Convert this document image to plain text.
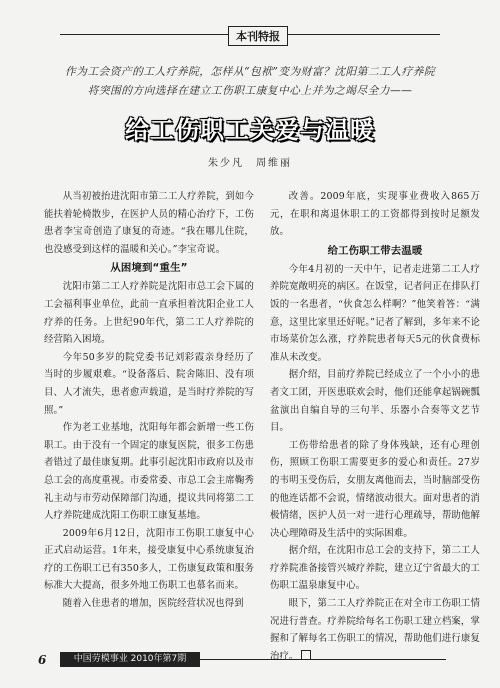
本刊特报
作为工会资产的工人疗养院，怎样从“包袱”变为财富？沈阳第二工人疗养院将突围的方向选择在建立工伤职工康复中心上并为之竭尽全力——
给工伤职工关爱与温暖
朱少凡　周维丽

从当初被抬进沈阳市第二工人疗养院，到如今能扶着轮椅散步，在医护人员的精心治疗下，工伤患者李宝奇创造了康复的奇迹。“我在哪儿住院，也没感受到这样的温暖和关心。”李宝奇说。

从困境到“重生”

沈阳市第二工人疗养院是沈阳市总工会下属的工会福利事业单位，此前一直承担着沈阳企业工人疗养的任务。上世纪90年代，第二工人疗养院的经营陷入困境。

今年50多岁的院党委书记刘彩霞亲身经历了当时的步履艰难。“设备落后、院舍陈旧、没有项目、人才流失，患者愈声载道，是当时疗养院的写照。”

作为老工业基地，沈阳每年都会新增一些工伤职工。由于没有一个固定的康复医院，很多工伤患者错过了最佳康复期。此事引起沈阳市政府以及市总工会的高度重视。市委常委、市总工会主席鞠秀礼主动与市劳动保障部门沟通，提议共同将第二工人疗养院建成沈阳工伤职工康复基地。

2009年6月12日，沈阳市工伤职工康复中心正式启动运营。1年来，接受康复中心系统康复治疗的工伤职工已有350多人，工伤康复政策和服务标准大大提高，很多外地工伤职工也慕名而来。

随着入住患者的增加，医院经营状况也得到

改善。2009年底，实现事业费收入865万元，在职和离退休职工的工资都得到按时足额发放。

给工伤职工带去温暖

今年4月初的一天中午，记者走进第二工人疗养院宽敞明亮的病区。在饭堂，记者问正在排队打饭的一名患者，“伙食怎么样啊？”他笑着答：“满意，这里比家里还好呢。”记者了解到，多年来不论市场菜价怎么涨，疗养院患者每天5元的伙食费标准从未改变。

据介绍，目前疗养院已经成立了一个小小的患者文工团，开医患联欢会时，他们还能拿起锅碗瓢盆演出自编自导的三句半、乐器小合奏等文艺节目。

工伤带给患者的除了身体残缺，还有心理创伤，照顾工伤职工需要更多的爱心和责任。27岁的韦明玉受伤后，女朋友离他而去，当时脑部受伤的他连话都不会说，情绪波动很大。面对患者的消极情绪，医护人员一对一进行心理疏导，帮助他解决心理障碍及生活中的实际困难。

据介绍，在沈阳市总工会的支持下，第二工人疗养院准备接管兴城疗养院，建立辽宁省最大的工伤职工温泉康复中心。

眼下，第二工人疗养院正在对全市工伤职工情况进行普查。疗养院给每名工伤职工建立档案，掌握和了解每名工伤职工的情况，帮助他们进行康复治疗。

6	中国劳模事业 2010年第7期
